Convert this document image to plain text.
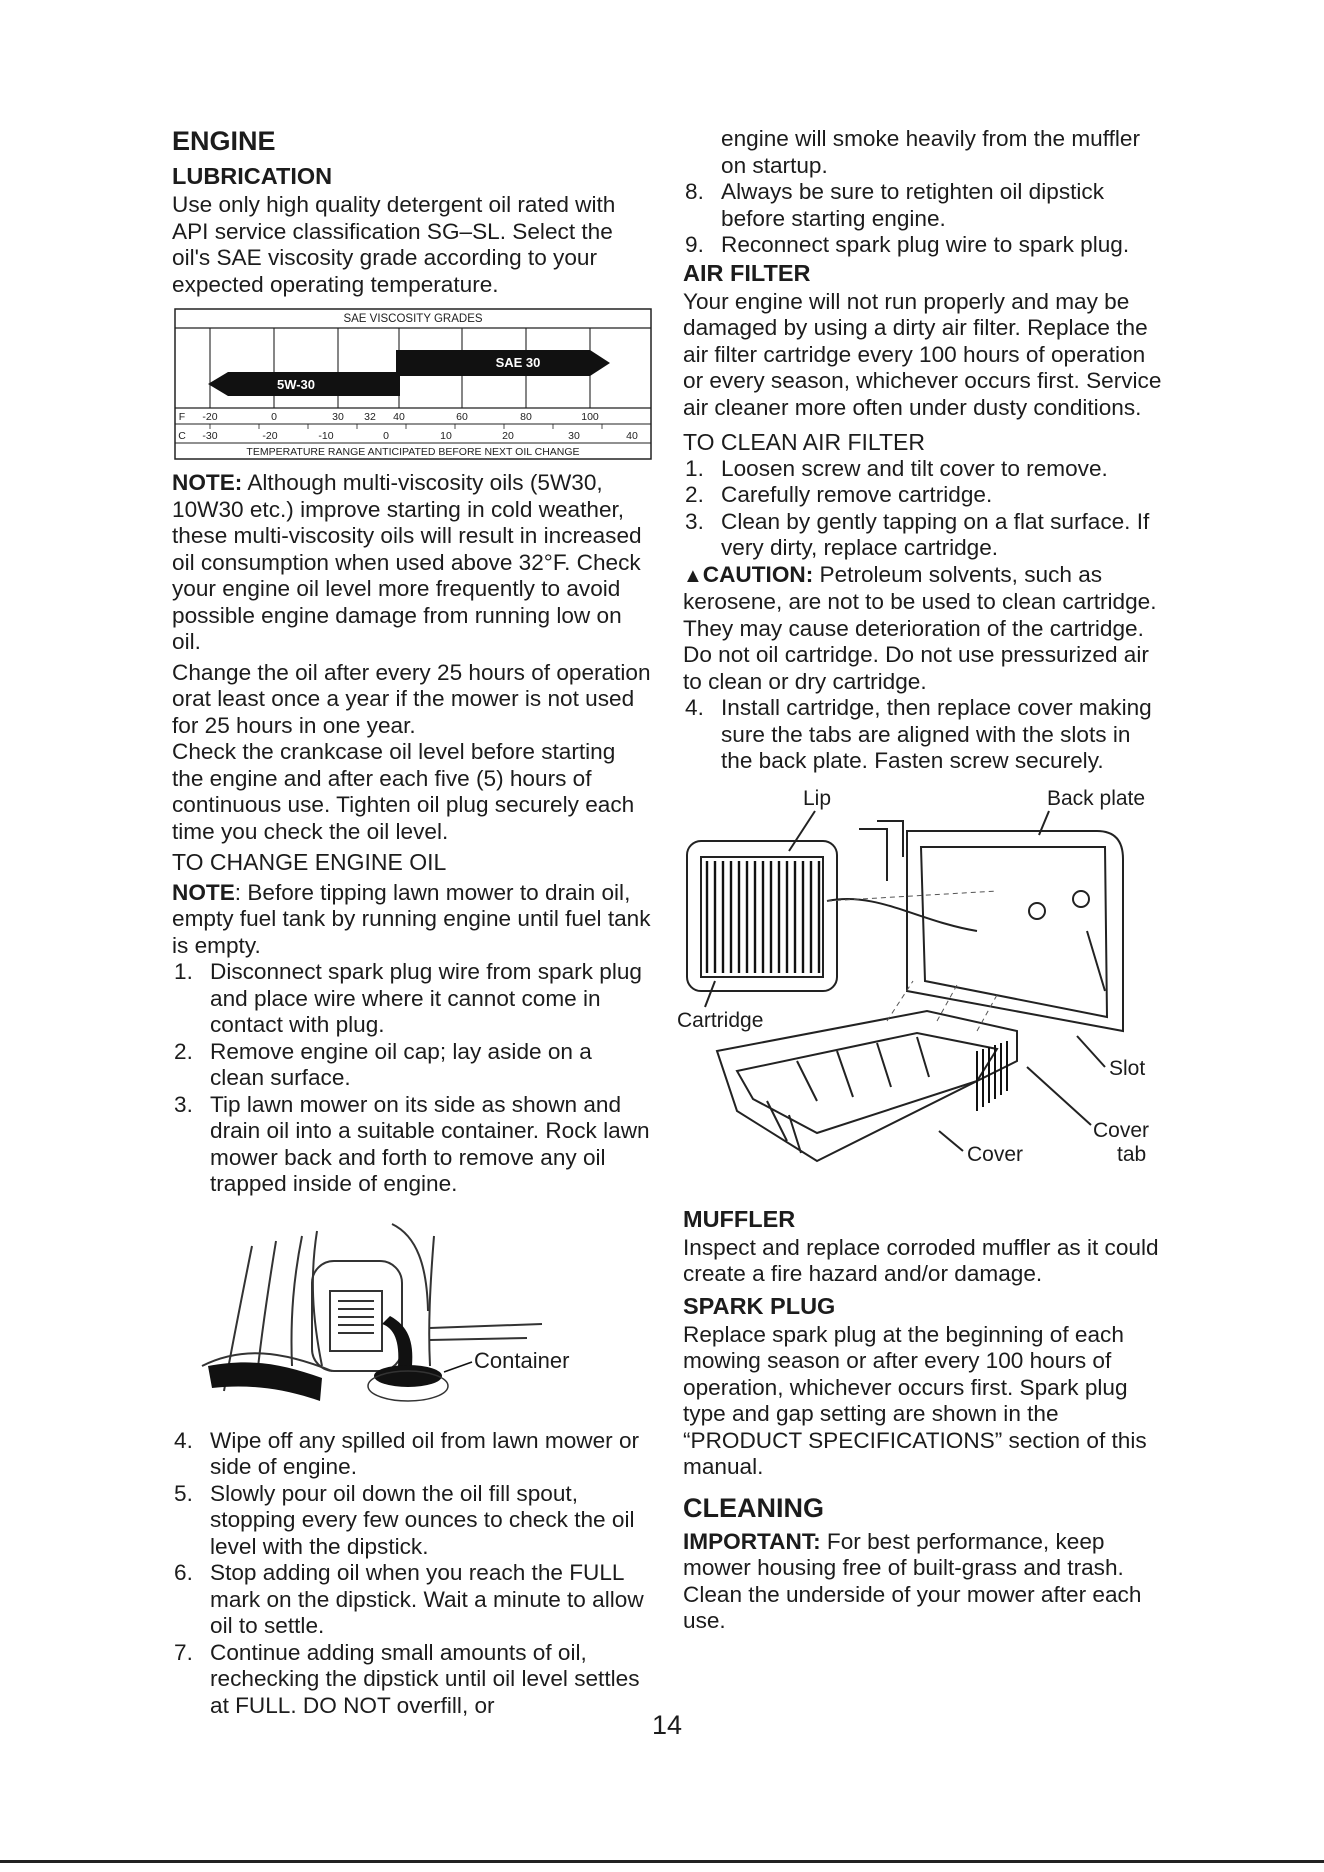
ENGINE
LUBRICATION

Use only high quality detergent oil rated with API service classification SG–SL. Select the oil's SAE viscosity grade according to your expected operating temperature.

SAE VISCOSITY GRADES
SAE 30
5W-30
F -20	0	30 32 40	60	80	100
C -30	-20	-10	0	10	20	30	40
TEMPERATURE RANGE ANTICIPATED BEFORE NEXT OIL CHANGE

NOTE: Although multi-viscosity oils (5W30, 10W30 etc.) improve starting in cold weather, these multi-viscosity oils will result in increased oil consumption when used above 32°F. Check your engine oil level more frequently to avoid possible engine damage from running low on oil.

Change the oil after every 25 hours of operation orat least once a year if the mower is not used for 25 hours in one year.

Check the crankcase oil level before starting the engine and after each five (5) hours of continuous use. Tighten oil plug securely each time you check the oil level.

TO CHANGE ENGINE OIL

NOTE: Before tipping lawn mower to drain oil, empty fuel tank by running engine until fuel tank is empty.

1. Disconnect spark plug wire from spark plug and place wire where it cannot come in contact with plug.
2. Remove engine oil cap; lay aside on a clean surface.
3. Tip lawn mower on its side as shown and drain oil into a suitable container. Rock lawn mower back and forth to remove any oil trapped inside of engine.
Container
4. Wipe off any spilled oil from lawn mower or side of engine.
5. Slowly pour oil down the oil fill spout, stopping every few ounces to check the oil level with the dipstick.
6. Stop adding oil when you reach the FULL mark on the dipstick. Wait a minute to allow oil to settle.
7. Continue adding small amounts of oil, rechecking the dipstick until oil level settles at FULL. DO NOT overfill, or

engine will smoke heavily from the muffler on startup.

8. Always be sure to retighten oil dipstick before starting engine.
9. Reconnect spark plug wire to spark plug.
AIR FILTER

Your engine will not run properly and may be damaged by using a dirty air filter. Replace the air filter cartridge every 100 hours of operation or every season, whichever occurs first. Service air cleaner more often under dusty conditions.

TO CLEAN AIR FILTER

1. Loosen screw and tilt cover to remove.
2. Carefully remove cartridge.
3. Clean by gently tapping on a flat surface. If very dirty, replace cartridge.

▲CAUTION: Petroleum solvents, such as kerosene, are not to be used to clean cartridge. They may cause deterioration of the cartridge. Do not oil cartridge. Do not use pressurized air to clean or dry cartridge.

4. Install cartridge, then replace cover making sure the tabs are aligned with the slots in the back plate. Fasten screw securely.
Lip	Back plate
Cartridge
Slot
Cover
tab
Cover
MUFFLER

Inspect and replace corroded muffler as it could create a fire hazard and/or damage.

SPARK PLUG

Replace spark plug at the beginning of each mowing season or after every 100 hours of operation, whichever occurs first. Spark plug type and gap setting are shown in the “PRODUCT SPECIFICATIONS” section of this manual.

CLEANING

IMPORTANT: For best performance, keep mower housing free of built-grass and trash. Clean the underside of your mower after each use.

14
